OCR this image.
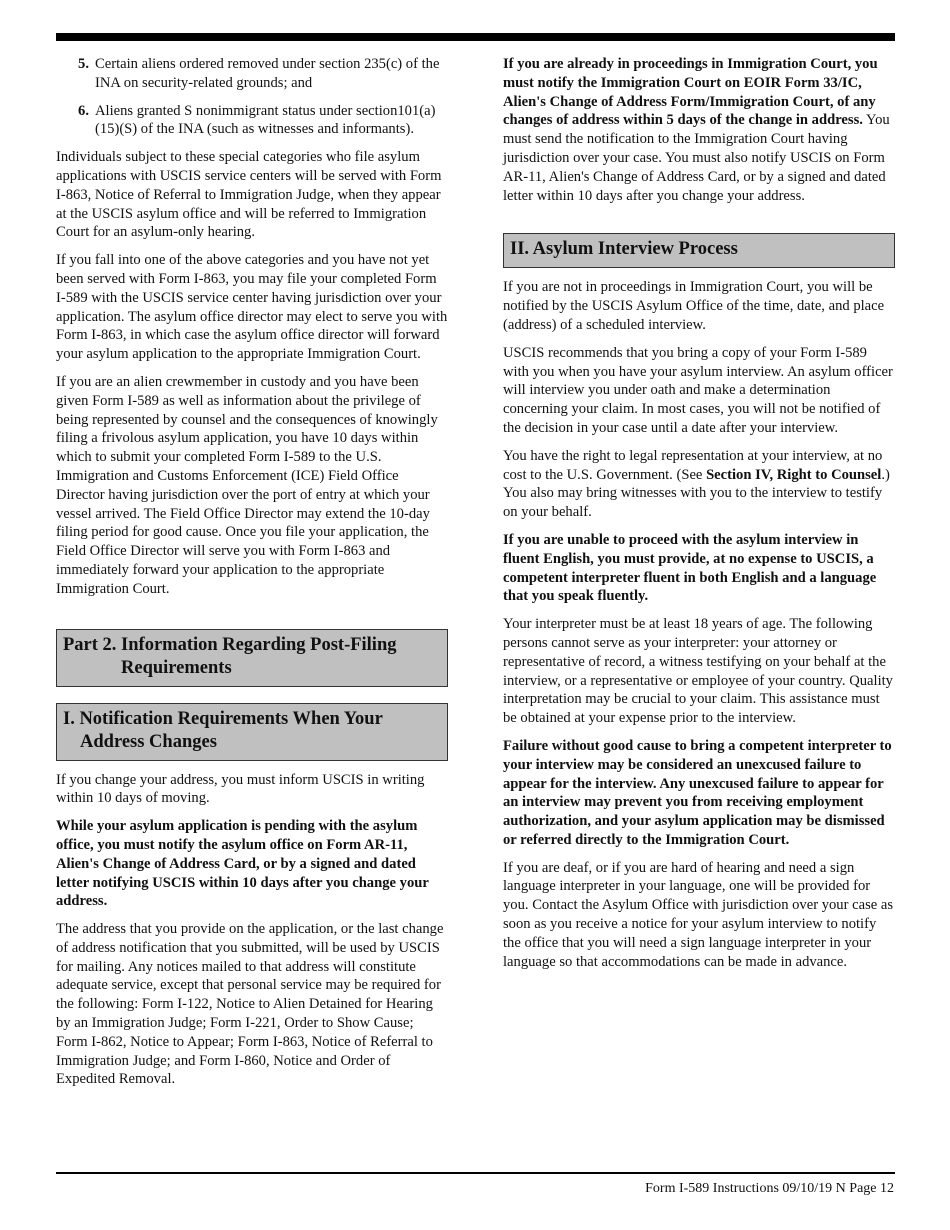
5. Certain aliens ordered removed under section 235(c) of the INA on security-related grounds; and
6. Aliens granted S nonimmigrant status under section101(a)(15)(S) of the INA (such as witnesses and informants).

Individuals subject to these special categories who file asylum applications with USCIS service centers will be served with Form I-863, Notice of Referral to Immigration Judge, when they appear at the USCIS asylum office and will be referred to Immigration Court for an asylum-only hearing.

If you fall into one of the above categories and you have not yet been served with Form I-863, you may file your completed Form I-589 with the USCIS service center having jurisdiction over your application. The asylum office director may elect to serve you with Form I-863, in which case the asylum office director will forward your asylum application to the appropriate Immigration Court.

If you are an alien crewmember in custody and you have been given Form I-589 as well as information about the privilege of being represented by counsel and the consequences of knowingly filing a frivolous asylum application, you have 10 days within which to submit your completed Form I-589 to the U.S. Immigration and Customs Enforcement (ICE) Field Office Director having jurisdiction over the port of entry at which your vessel arrived. The Field Office Director may extend the 10-day filing period for good cause. Once you file your application, the Field Office Director will serve you with Form I-863 and immediately forward your application to the appropriate Immigration Court.

Part 2. Information Regarding Post-Filing
Requirements
I. Notification Requirements When Your
Address Changes

If you change your address, you must inform USCIS in writing within 10 days of moving.

While your asylum application is pending with the asylum office, you must notify the asylum office on Form AR-11, Alien's Change of Address Card, or by a signed and dated letter notifying USCIS within 10 days after you change your address.

The address that you provide on the application, or the last change of address notification that you submitted, will be used by USCIS for mailing. Any notices mailed to that address will constitute adequate service, except that personal service may be required for the following: Form I-122, Notice to Alien Detained for Hearing by an Immigration Judge; Form I-221, Order to Show Cause; Form I-862, Notice to Appear; Form I-863, Notice of Referral to Immigration Judge; and Form I-860, Notice and Order of Expedited Removal.

If you are already in proceedings in Immigration Court, you must notify the Immigration Court on EOIR Form 33/IC, Alien's Change of Address Form/Immigration Court, of any changes of address within 5 days of the change in address. You must send the notification to the Immigration Court having jurisdiction over your case. You must also notify USCIS on Form AR-11, Alien's Change of Address Card, or by a signed and dated letter within 10 days after you change your address.

II. Asylum Interview Process

If you are not in proceedings in Immigration Court, you will be notified by the USCIS Asylum Office of the time, date, and place (address) of a scheduled interview.

USCIS recommends that you bring a copy of your Form I-589 with you when you have your asylum interview. An asylum officer will interview you under oath and make a determination concerning your claim. In most cases, you will not be notified of the decision in your case until a date after your interview.

You have the right to legal representation at your interview, at no cost to the U.S. Government. (See Section IV, Right to Counsel.) You also may bring witnesses with you to the interview to testify on your behalf.

If you are unable to proceed with the asylum interview in fluent English, you must provide, at no expense to USCIS, a competent interpreter fluent in both English and a language that you speak fluently.

Your interpreter must be at least 18 years of age. The following persons cannot serve as your interpreter: your attorney or representative of record, a witness testifying on your behalf at the interview, or a representative or employee of your country. Quality interpretation may be crucial to your claim. This assistance must be obtained at your expense prior to the interview.

Failure without good cause to bring a competent interpreter to your interview may be considered an unexcused failure to appear for the interview. Any unexcused failure to appear for an interview may prevent you from receiving employment authorization, and your asylum application may be dismissed or referred directly to the Immigration Court.

If you are deaf, or if you are hard of hearing and need a sign language interpreter in your language, one will be provided for you. Contact the Asylum Office with jurisdiction over your case as soon as you receive a notice for your asylum interview to notify the office that you will need a sign language interpreter in your language so that accommodations can be made in advance.

Form I-589 Instructions 09/10/19 N Page 12
